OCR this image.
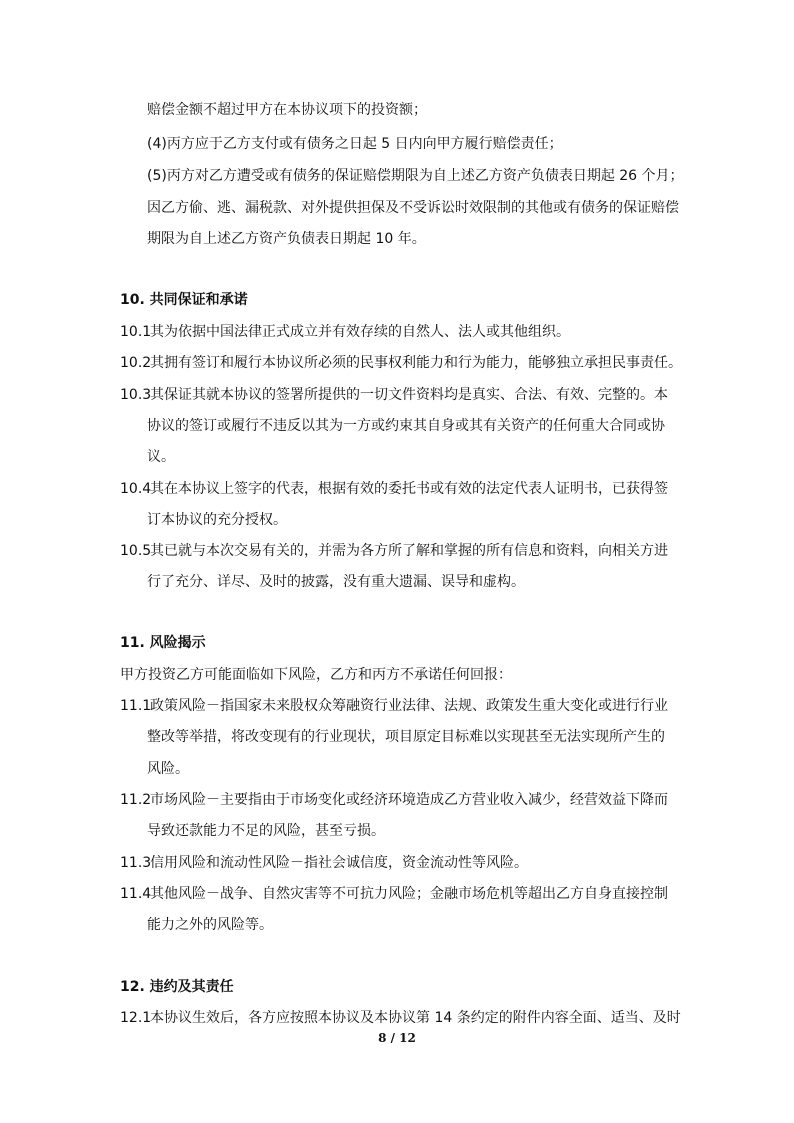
赔偿金额不超过甲方在本协议项下的投资额；
(4)丙方应于乙方支付或有债务之日起 5 日内向甲方履行赔偿责任；
(5)丙方对乙方遭受或有债务的保证赔偿期限为自上述乙方资产负债表日期起 26 个月；
因乙方偷、逃、漏税款、对外提供担保及不受诉讼时效限制的其他或有债务的保证赔偿
期限为自上述乙方资产负债表日期起 10 年。
10. 共同保证和承诺
10.1其为依据中国法律正式成立并有效存续的自然人、法人或其他组织。
10.2其拥有签订和履行本协议所必须的民事权利能力和行为能力，能够独立承担民事责任。
10.3其保证其就本协议的签署所提供的一切文件资料均是真实、合法、有效、完整的。本
协议的签订或履行不违反以其为一方或约束其自身或其有关资产的任何重大合同或协
议。
10.4其在本协议上签字的代表，根据有效的委托书或有效的法定代表人证明书，已获得签
订本协议的充分授权。
10.5其已就与本次交易有关的，并需为各方所了解和掌握的所有信息和资料，向相关方进
行了充分、详尽、及时的披露，没有重大遗漏、误导和虚构。
11. 风险揭示
甲方投资乙方可能面临如下风险，乙方和丙方不承诺任何回报：
11.1政策风险－指国家未来股权众筹融资行业法律、法规、政策发生重大变化或进行行业
整改等举措，将改变现有的行业现状，项目原定目标难以实现甚至无法实现所产生的
风险。
11.2市场风险－主要指由于市场变化或经济环境造成乙方营业收入减少，经营效益下降而
导致还款能力不足的风险，甚至亏损。
11.3信用风险和流动性风险－指社会诚信度，资金流动性等风险。
11.4其他风险－战争、自然灾害等不可抗力风险；金融市场危机等超出乙方自身直接控制
能力之外的风险等。
12. 违约及其责任
12.1本协议生效后，各方应按照本协议及本协议第 14 条约定的附件内容全面、适当、及时
8 / 12
